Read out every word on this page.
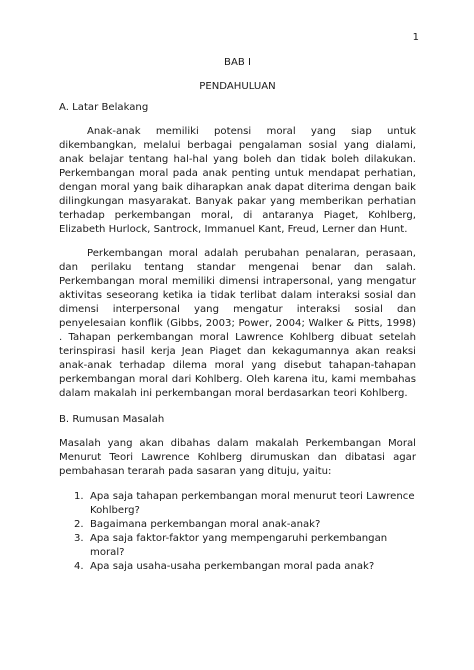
1
BAB I
PENDAHULUAN
A. Latar Belakang

Anak-anak memiliki potensi moral yang siap untuk dikembangkan, melalui berbagai pengalaman sosial yang dialami, anak belajar tentang hal-hal yang boleh dan tidak boleh dilakukan. Perkembangan moral pada anak penting untuk mendapat perhatian, dengan moral yang baik diharapkan anak dapat diterima dengan baik dilingkungan masyarakat. Banyak pakar yang memberikan perhatian terhadap perkembangan moral, di antaranya Piaget, Kohlberg, Elizabeth Hurlock, Santrock, Immanuel Kant, Freud, Lerner dan Hunt.

Perkembangan moral adalah perubahan penalaran, perasaan, dan perilaku tentang standar mengenai benar dan salah. Perkembangan moral memiliki dimensi intrapersonal, yang mengatur aktivitas seseorang ketika ia tidak terlibat dalam interaksi sosial dan dimensi interpersonal yang mengatur interaksi sosial dan penyelesaian konflik (Gibbs, 2003; Power, 2004; Walker & Pitts, 1998) . Tahapan perkembangan moral Lawrence Kohlberg dibuat setelah terinspirasi hasil kerja Jean Piaget dan kekagumannya akan reaksi anak-anak terhadap dilema moral yang disebut tahapan-tahapan perkembangan moral dari Kohlberg. Oleh karena itu, kami membahas dalam makalah ini perkembangan moral berdasarkan teori Kohlberg.

B. Rumusan Masalah

Masalah yang akan dibahas dalam makalah Perkembangan Moral Menurut Teori Lawrence Kohlberg dirumuskan dan dibatasi agar pembahasan terarah pada sasaran yang dituju, yaitu:

1. Apa saja tahapan perkembangan moral menurut teori Lawrence Kohlberg?
2. Bagaimana perkembangan moral anak-anak?
3. Apa saja faktor-faktor yang mempengaruhi perkembangan moral?
4. Apa saja usaha-usaha perkembangan moral pada anak?
